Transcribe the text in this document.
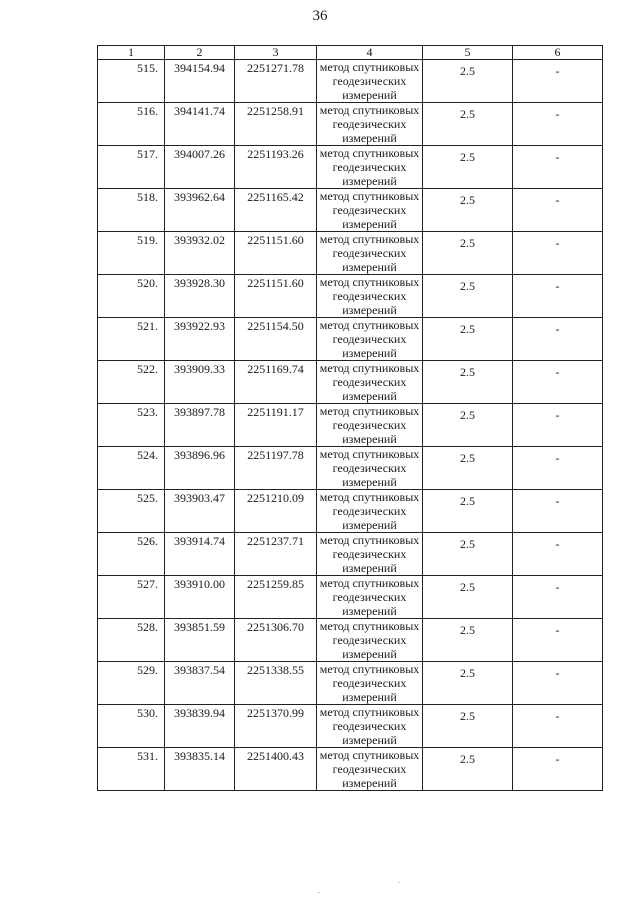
36
1	2	3	4	5	6
515.	394154.94	2251271.78	метод спутниковых
геодезических
измерений	2.5	-
516.	394141.74	2251258.91	метод спутниковых
геодезических
измерений	2.5	-
517.	394007.26	2251193.26	метод спутниковых
геодезических
измерений	2.5	-
518.	393962.64	2251165.42	метод спутниковых
геодезических
измерений	2.5	-
519.	393932.02	2251151.60	метод спутниковых
геодезических
измерений	2.5	-
520.	393928.30	2251151.60	метод спутниковых
геодезических
измерений	2.5	-
521.	393922.93	2251154.50	метод спутниковых
геодезических
измерений	2.5	-
522.	393909.33	2251169.74	метод спутниковых
геодезических
измерений	2.5	-
523.	393897.78	2251191.17	метод спутниковых
геодезических
измерений	2.5	-
524.	393896.96	2251197.78	метод спутниковых
геодезических
измерений	2.5	-
525.	393903.47	2251210.09	метод спутниковых
геодезических
измерений	2.5	-
526.	393914.74	2251237.71	метод спутниковых
геодезических
измерений	2.5	-
527.	393910.00	2251259.85	метод спутниковых
геодезических
измерений	2.5	-
528.	393851.59	2251306.70	метод спутниковых
геодезических
измерений	2.5	-
529.	393837.54	2251338.55	метод спутниковых
геодезических
измерений	2.5	-
530.	393839.94	2251370.99	метод спутниковых
геодезических
измерений	2.5	-
531.	393835.14	2251400.43	метод спутниковых
геодезических
измерений	2.5	-
.
.
